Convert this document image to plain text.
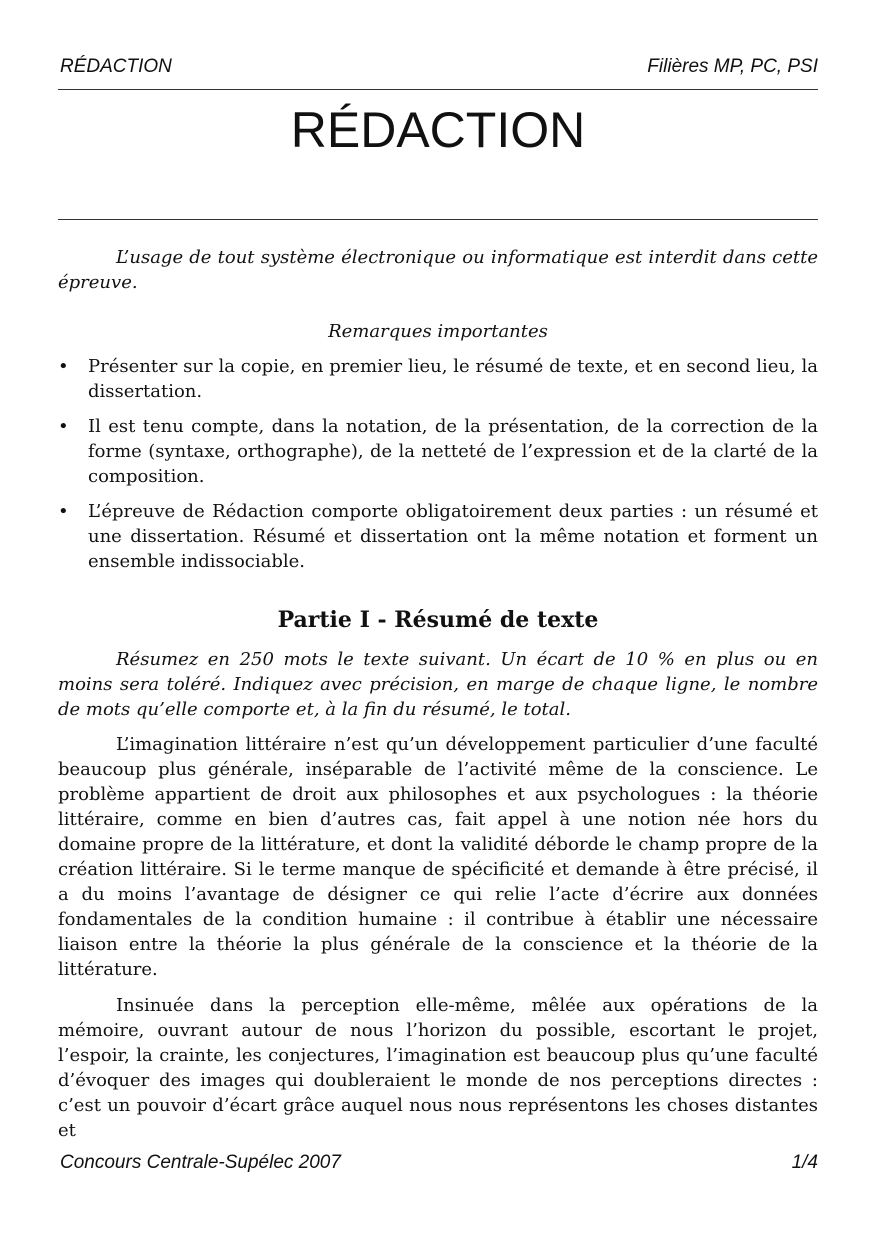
RÉDACTION	Filières MP, PC, PSI
RÉDACTION

L’usage de tout système électronique ou informatique est interdit dans cette épreuve.

Remarques importantes
• Présenter sur la copie, en premier lieu, le résumé de texte, et en second lieu, la dissertation.
• Il est tenu compte, dans la notation, de la présentation, de la correction de la forme (syntaxe, orthographe), de la netteté de l’expression et de la clarté de la composition.
• L’épreuve de Rédaction comporte obligatoirement deux parties : un résumé et une dissertation. Résumé et dissertation ont la même notation et forment un ensemble indissociable.
Partie I - Résumé de texte

Résumez en 250 mots le texte suivant. Un écart de 10 % en plus ou en moins sera toléré. Indiquez avec précision, en marge de chaque ligne, le nombre de mots qu’elle comporte et, à la fin du résumé, le total.

L’imagination littéraire n’est qu’un développement particulier d’une faculté beaucoup plus générale, inséparable de l’activité même de la conscience. Le problème appartient de droit aux philosophes et aux psychologues : la théorie littéraire, comme en bien d’autres cas, fait appel à une notion née hors du domaine propre de la littérature, et dont la validité déborde le champ propre de la création littéraire. Si le terme manque de spécificité et demande à être précisé, il a du moins l’avantage de désigner ce qui relie l’acte d’écrire aux données fondamentales de la condition humaine : il contribue à établir une nécessaire liaison entre la théorie la plus générale de la conscience et la théorie de la littérature.

Insinuée dans la perception elle-même, mêlée aux opérations de la mémoire, ouvrant autour de nous l’horizon du possible, escortant le projet, l’espoir, la crainte, les conjectures, l’imagination est beaucoup plus qu’une faculté d’évoquer des images qui doubleraient le monde de nos perceptions directes : c’est un pouvoir d’écart grâce auquel nous nous représentons les choses distantes et

Concours Centrale-Supélec 2007	1/4
